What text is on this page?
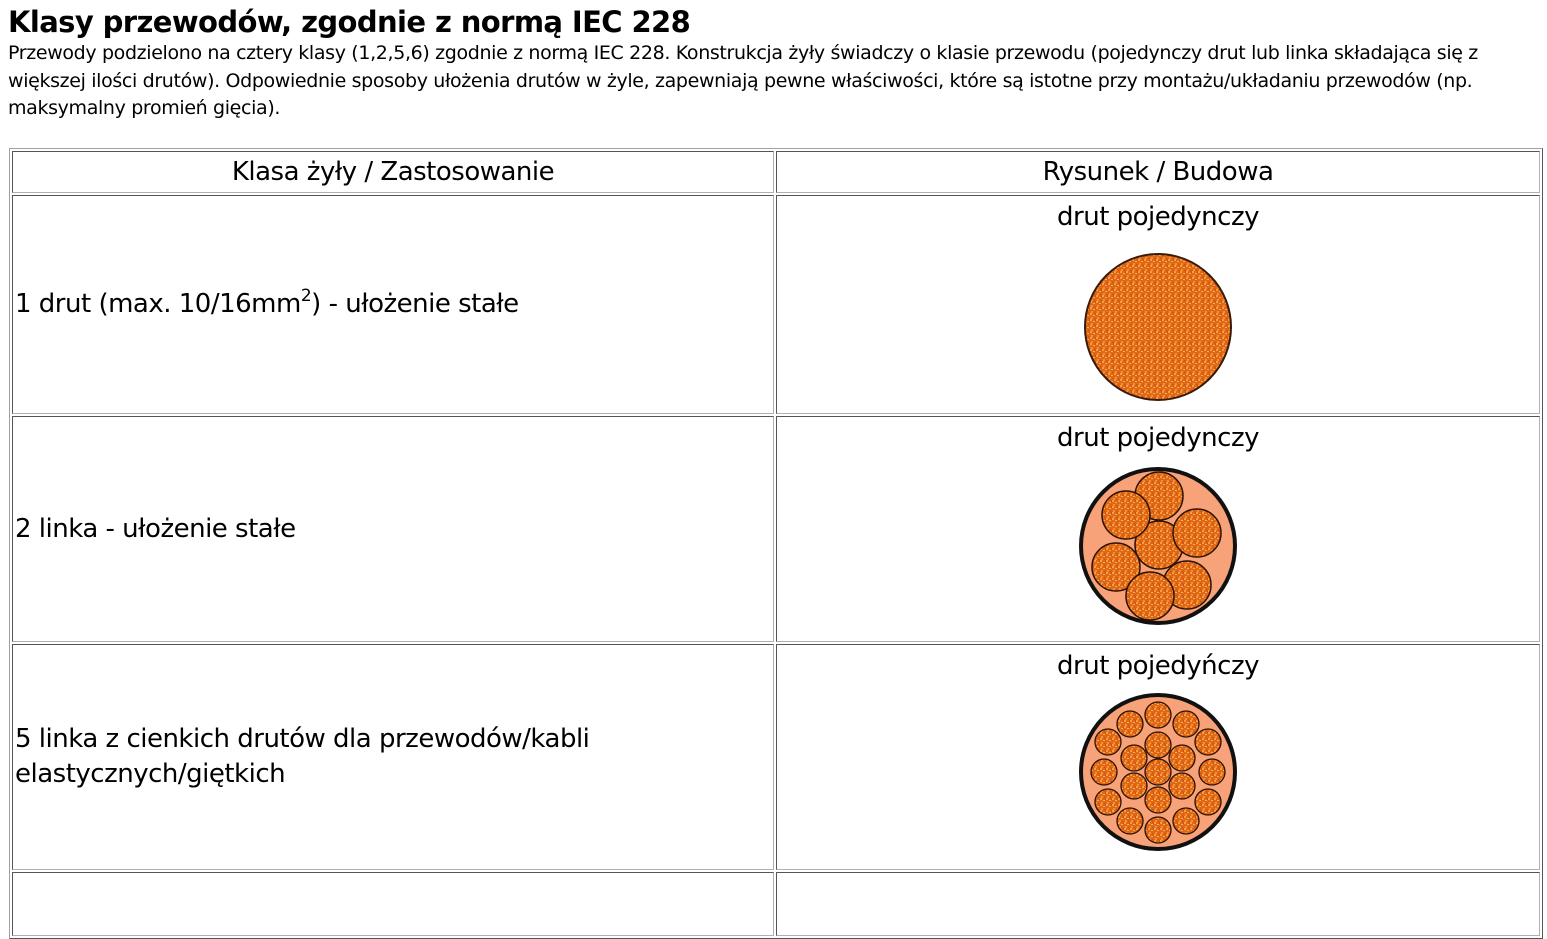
Klasy przewodów, zgodnie z normą IEC 228

Przewody podzielono na cztery klasy (1,2,5,6) zgodnie z normą IEC 228. Konstrukcja żyły świadczy o klasie przewodu (pojedynczy drut lub linka składająca się z większej ilości drutów). Odpowiednie sposoby ułożenia drutów w żyle, zapewniają pewne właściwości, które są istotne przy montażu/układaniu przewodów (np. maksymalny promień gięcia).

Klasa żyły / Zastosowanie	Rysunek / Budowa
1 drut (max. $10/16mm^2$) - ułożenie stałe	drut pojedynczy

2 linka - ułożenie stałe	drut pojedynczy

5 linka z cienkich drutów dla przewodów/kabli
elastycznych/giętkich	drut pojedyńczy
